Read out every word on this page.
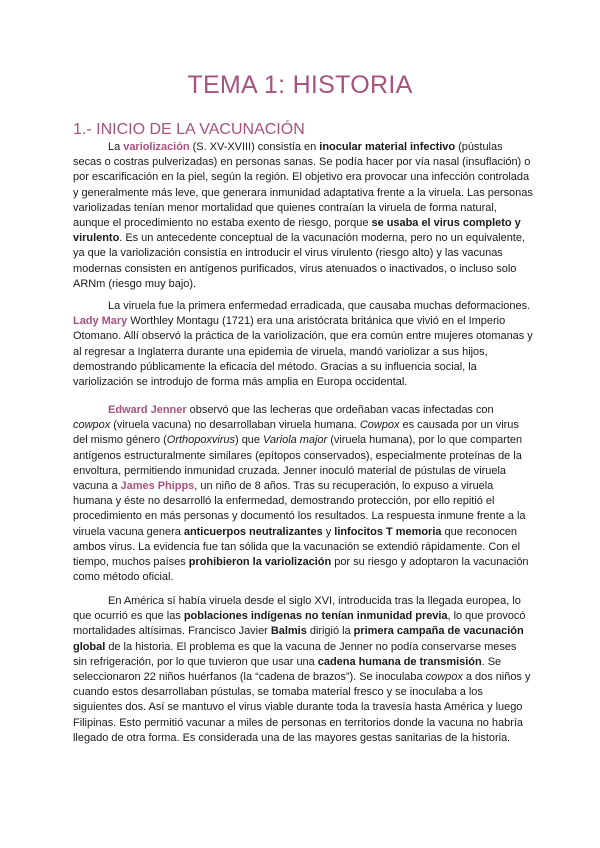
TEMA 1: HISTORIA
1.- INICIO DE LA VACUNACIÓN

La variolización (S. XV-XVIII) consistía en inocular material infectivo (pústulas secas o costras pulverizadas) en personas sanas. Se podía hacer por vía nasal (insuflación) o por escarificación en la piel, según la región. El objetivo era provocar una infección controlada y generalmente más leve, que generara inmunidad adaptativa frente a la viruela. Las personas variolizadas tenían menor mortalidad que quienes contraían la viruela de forma natural, aunque el procedimiento no estaba exento de riesgo, porque se usaba el virus completo y virulento. Es un antecedente conceptual de la vacunación moderna, pero no un equivalente, ya que la variolización consistía en introducir el virus virulento (riesgo alto) y las vacunas modernas consisten en antígenos purificados, virus atenuados o inactivados, o incluso solo ARNm (riesgo muy bajo).

La viruela fue la primera enfermedad erradicada, que causaba muchas deformaciones. Lady Mary Worthley Montagu (1721) era una aristócrata británica que vivió en el Imperio Otomano. Allí observó la práctica de la variolización, que era común entre mujeres otomanas y al regresar a Inglaterra durante una epidemia de viruela, mandó variolizar a sus hijos, demostrando públicamente la eficacia del método. Gracias a su influencia social, la variolización se introdujo de forma más amplia en Europa occidental.

Edward Jenner observó que las lecheras que ordeñaban vacas infectadas con cowpox (viruela vacuna) no desarrollaban viruela humana. Cowpox es causada por un virus del mismo género (Orthopoxvirus) que Variola major (viruela humana), por lo que comparten antígenos estructuralmente similares (epítopos conservados), especialmente proteínas de la envoltura, permitiendo inmunidad cruzada. Jenner inoculó material de pústulas de viruela vacuna a James Phipps, un niño de 8 años. Tras su recuperación, lo expuso a viruela humana y éste no desarrolló la enfermedad, demostrando protección, por ello repitió el procedimiento en más personas y documentó los resultados. La respuesta inmune frente a la viruela vacuna genera anticuerpos neutralizantes y linfocitos T memoria que reconocen ambos virus. La evidencia fue tan sólida que la vacunación se extendió rápidamente. Con el tiempo, muchos países prohibieron la variolización por su riesgo y adoptaron la vacunación como método oficial.

En América sí había viruela desde el siglo XVI, introducida tras la llegada europea, lo que ocurrió es que las poblaciones indígenas no tenían inmunidad previa, lo que provocó mortalidades altísimas. Francisco Javier Balmis dirigió la primera campaña de vacunación global de la historia. El problema es que la vacuna de Jenner no podía conservarse meses sin refrigeración, por lo que tuvieron que usar una cadena humana de transmisión. Se seleccionaron 22 niños huérfanos (la “cadena de brazos”). Se inoculaba cowpox a dos niños y cuando estos desarrollaban pústulas, se tomaba material fresco y se inoculaba a los siguientes dos. Así se mantuvo el virus viable durante toda la travesía hasta América y luego Filipinas. Esto permitió vacunar a miles de personas en territorios donde la vacuna no habría llegado de otra forma. Es considerada una de las mayores gestas sanitarias de la historia.
